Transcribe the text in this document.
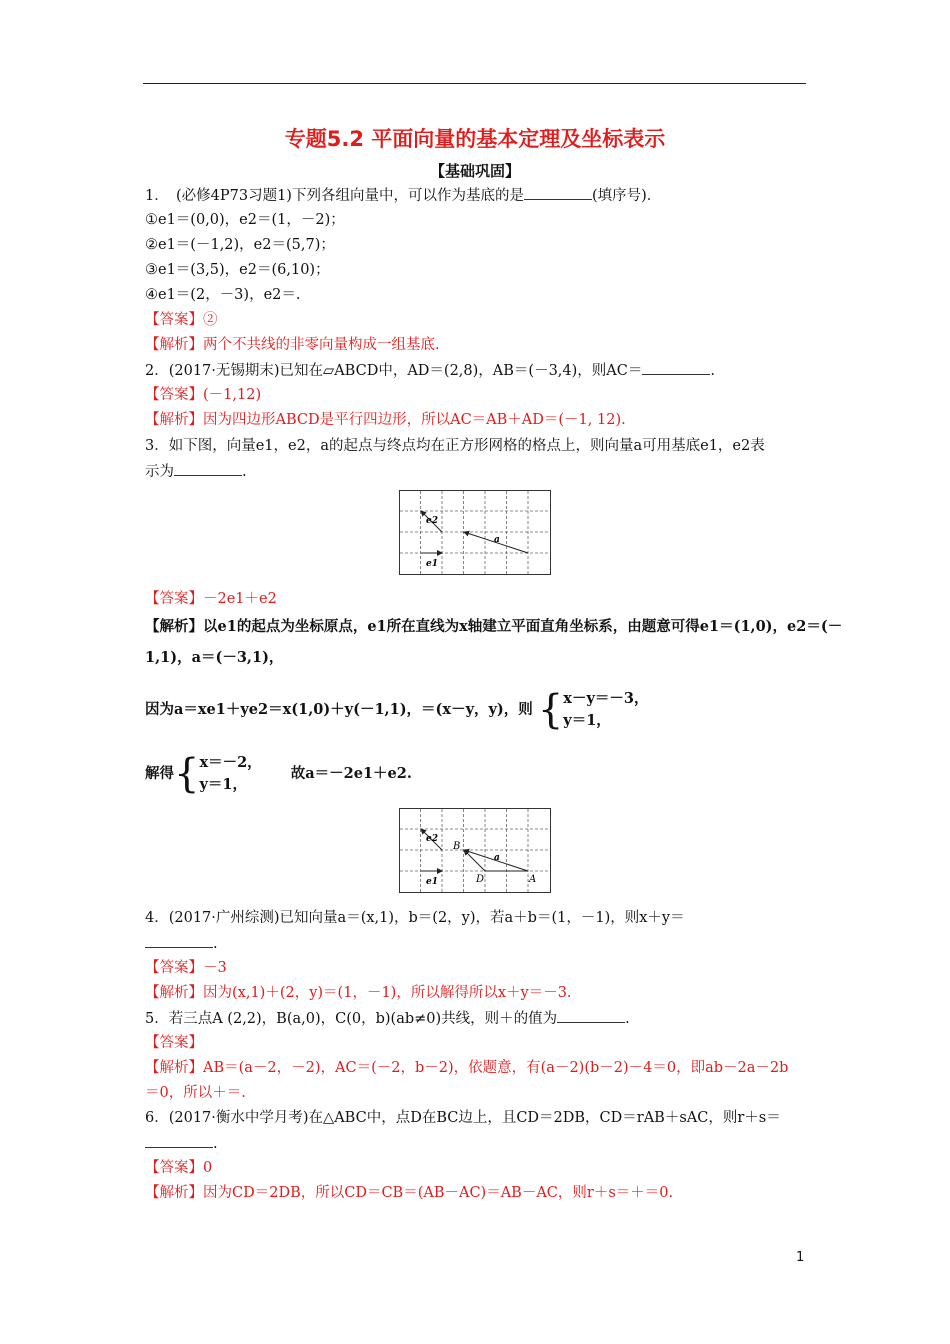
专题5.2 平面向量的基本定理及坐标表示
【基础巩固】
1．　(必修4P73习题1)下列各组向量中，可以作为基底的是	(填序号)．
①e1＝(0,0)，e2＝(1，－2)；
②e1＝(－1,2)，e2＝(5,7)；
③e1＝(3,5)，e2＝(6,10)；
④e1＝(2，－3)，e2＝.
【答案】②
【解析】两个不共线的非零向量构成一组基底.
2．(2017·无锡期末)已知在▱ABCD中，AD＝(2,8)，AB＝(－3,4)，则AC＝	.
【答案】(－1,12)
【解析】因为四边形ABCD是平行四边形，所以AC＝AB＋AD＝(－1, 12).
3．如下图，向量e1，e2，a的起点与终点均在正方形网格的格点上，则向量a可用基底e1，e2表
示为	.
e2
a
e1
【答案】－2e1＋e2
【解析】以e1的起点为坐标原点，e1所在直线为x轴建立平面直角坐标系，由题意可得e1＝(1,0)，e2＝(－
1,1)，a＝(－3,1)，
因为a＝xe1＋ye2＝x(1,0)＋y(－1,1)，＝(x－y，y)，则 {x－y＝－3，
y＝1，
解得{x＝－2，
y＝1， 故a＝－2e1＋e2.
e2
a
e1
B
D	A
4．(2017·广州综测)已知向量a＝(x,1)，b＝(2，y)，若a＋b＝(1，－1)，则x＋y＝
.
【答案】－3
【解析】因为(x,1)＋(2，y)＝(1，－1)，所以解得所以x＋y＝－3.
5．若三点A (2,2)，B(a,0)，C(0，b)(ab≠0)共线，则＋的值为	.
【答案】
【解析】AB＝(a－2，－2)，AC＝(－2，b－2)，依题意，有(a－2)(b－2)－4＝0，即ab－2a－2b
＝0，所以＋＝.
6．(2017·衡水中学月考)在△ABC中，点D在BC边上，且CD＝2DB，CD＝rAB＋sAC，则r＋s＝
.
【答案】0
【解析】因为CD＝2DB，所以CD＝CB＝(AB－AC)＝AB－AC，则r＋s＝＋＝0.
1
